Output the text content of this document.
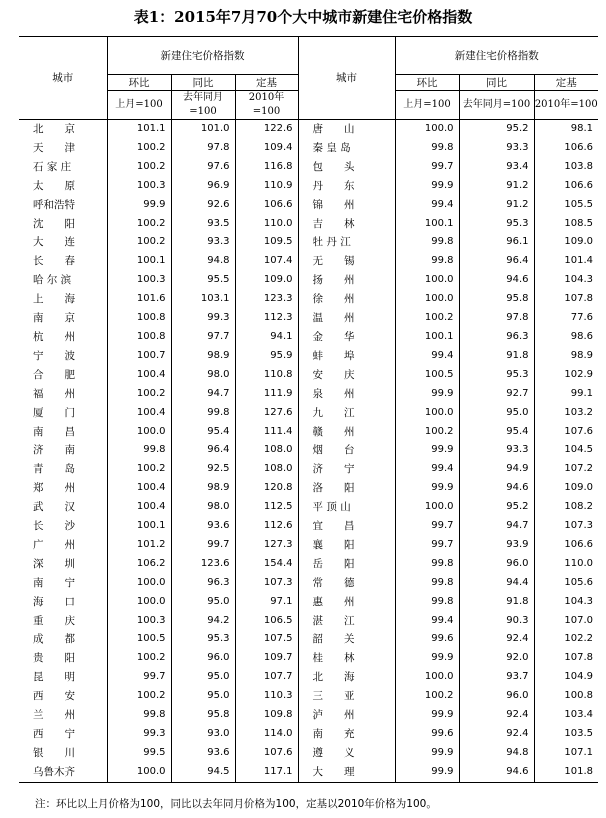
表1：2015年7月70个大中城市新建住宅价格指数
城市	新建住宅价格指数			城市	新建住宅价格指数		
	环比	同比	定基		环比	同比	定基
	上月=100	去年同月=100	2010年=100		上月=100	去年同月=100	2010年=100
北　　京	101.1	101.0	122.6	唐　　山	100.0	95.2	98.1
天　　津	100.2	97.8	109.4	秦 皇 岛	99.8	93.3	106.6
石 家 庄	100.2	97.6	116.8	包　　头	99.7	93.4	103.8
太　　原	100.3	96.9	110.9	丹　　东	99.9	91.2	106.6
呼和浩特	99.9	92.6	106.6	锦　　州	99.4	91.2	105.5
沈　　阳	100.2	93.5	110.0	吉　　林	100.1	95.3	108.5
大　　连	100.2	93.3	109.5	牡 丹 江	99.8	96.1	109.0
长　　春	100.1	94.8	107.4	无　　锡	99.8	96.4	101.4
哈 尔 滨	100.3	95.5	109.0	扬　　州	100.0	94.6	104.3
上　　海	101.6	103.1	123.3	徐　　州	100.0	95.8	107.8
南　　京	100.8	99.3	112.3	温　　州	100.2	97.8	77.6
杭　　州	100.8	97.7	94.1	金　　华	100.1	96.3	98.6
宁　　波	100.7	98.9	95.9	蚌　　埠	99.4	91.8	98.9
合　　肥	100.4	98.0	110.8	安　　庆	100.5	95.3	102.9
福　　州	100.2	94.7	111.9	泉　　州	99.9	92.7	99.1
厦　　门	100.4	99.8	127.6	九　　江	100.0	95.0	103.2
南　　昌	100.0	95.4	111.4	赣　　州	100.2	95.4	107.6
济　　南	99.8	96.4	108.0	烟　　台	99.9	93.3	104.5
青　　岛	100.2	92.5	108.0	济　　宁	99.4	94.9	107.2
郑　　州	100.4	98.9	120.8	洛　　阳	99.9	94.6	109.0
武　　汉	100.4	98.0	112.5	平 顶 山	100.0	95.2	108.2
长　　沙	100.1	93.6	112.6	宜　　昌	99.7	94.7	107.3
广　　州	101.2	99.7	127.3	襄　　阳	99.7	93.9	106.6
深　　圳	106.2	123.6	154.4	岳　　阳	99.8	96.0	110.0
南　　宁	100.0	96.3	107.3	常　　德	99.8	94.4	105.6
海　　口	100.0	95.0	97.1	惠　　州	99.8	91.8	104.3
重　　庆	100.3	94.2	106.5	湛　　江	99.4	90.3	107.0
成　　都	100.5	95.3	107.5	韶　　关	99.6	92.4	102.2
贵　　阳	100.2	96.0	109.7	桂　　林	99.9	92.0	107.8
昆　　明	99.7	95.0	107.7	北　　海	100.0	93.7	104.9
西　　安	100.2	95.0	110.3	三　　亚	100.2	96.0	100.8
兰　　州	99.8	95.8	109.8	泸　　州	99.9	92.4	103.4
西　　宁	99.3	93.0	114.0	南　　充	99.6	92.4	103.5
银　　川	99.5	93.6	107.6	遵　　义	99.9	94.8	107.1
乌鲁木齐	100.0	94.5	117.1	大　　理	99.9	94.6	101.8
注：环比以上月价格为100，同比以去年同月价格为100，定基以2010年价格为100。
